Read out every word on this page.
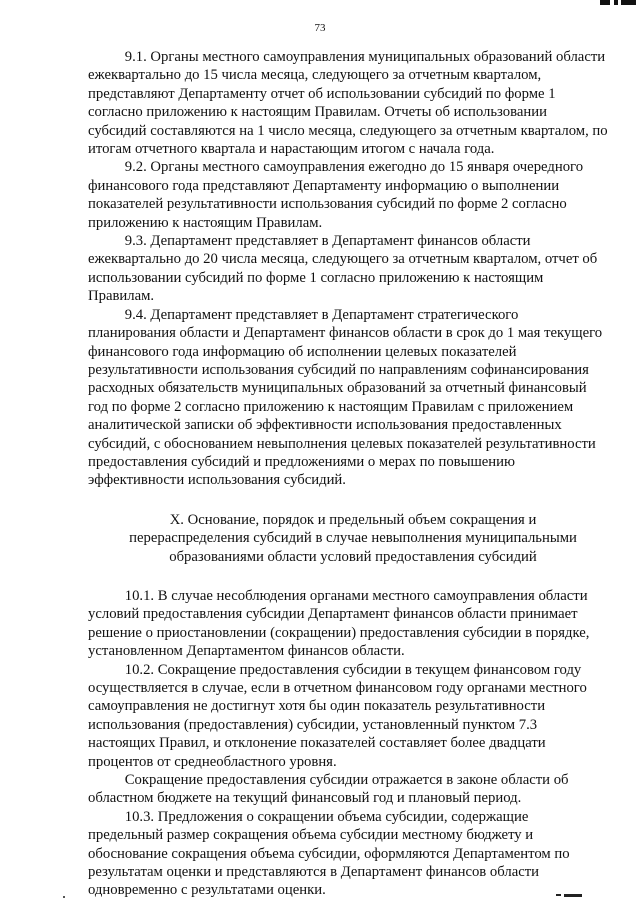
73

9.1. Органы местного самоуправления муниципальных образований области
ежеквартально до 15 числа месяца, следующего за отчетным кварталом,
представляют Департаменту отчет об использовании субсидий по форме 1
согласно приложению к настоящим Правилам. Отчеты об использовании
субсидий составляются на 1 число месяца, следующего за отчетным кварталом, по
итогам отчетного квартала и нарастающим итогом с начала года.

9.2. Органы местного самоуправления ежегодно до 15 января очередного
финансового года представляют Департаменту информацию о выполнении
показателей результативности использования субсидий по форме 2 согласно
приложению к настоящим Правилам.

9.3. Департамент представляет в Департамент финансов области
ежеквартально до 20 числа месяца, следующего за отчетным кварталом, отчет об
использовании субсидий по форме 1 согласно приложению к настоящим
Правилам.

9.4. Департамент представляет в Департамент стратегического
планирования области и Департамент финансов области в срок до 1 мая текущего
финансового года информацию об исполнении целевых показателей
результативности использования субсидий по направлениям софинансирования
расходных обязательств муниципальных образований за отчетный финансовый
год по форме 2 согласно приложению к настоящим Правилам с приложением
аналитической записки об эффективности использования предоставленных
субсидий, с обоснованием невыполнения целевых показателей результативности
предоставления субсидий и предложениями о мерах по повышению
эффективности использования субсидий.

X. Основание, порядок и предельный объем сокращения и
перераспределения субсидий в случае невыполнения муниципальными
образованиями области условий предоставления субсидий

10.1. В случае несоблюдения органами местного самоуправления области
условий предоставления субсидии Департамент финансов области принимает
решение о приостановлении (сокращении) предоставления субсидии в порядке,
установленном Департаментом финансов области.

10.2. Сокращение предоставления субсидии в текущем финансовом году
осуществляется в случае, если в отчетном финансовом году органами местного
самоуправления не достигнут хотя бы один показатель результативности
использования (предоставления) субсидии, установленный пунктом 7.3
настоящих Правил, и отклонение показателей составляет более двадцати
процентов от среднеобластного уровня.

Сокращение предоставления субсидии отражается в законе области об
областном бюджете на текущий финансовый год и плановый период.

10.3. Предложения о сокращении объема субсидии, содержащие
предельный размер сокращения объема субсидии местному бюджету и
обоснование сокращения объема субсидии, оформляются Департаментом по
результатам оценки и представляются в Департамент финансов области
одновременно с результатами оценки.
